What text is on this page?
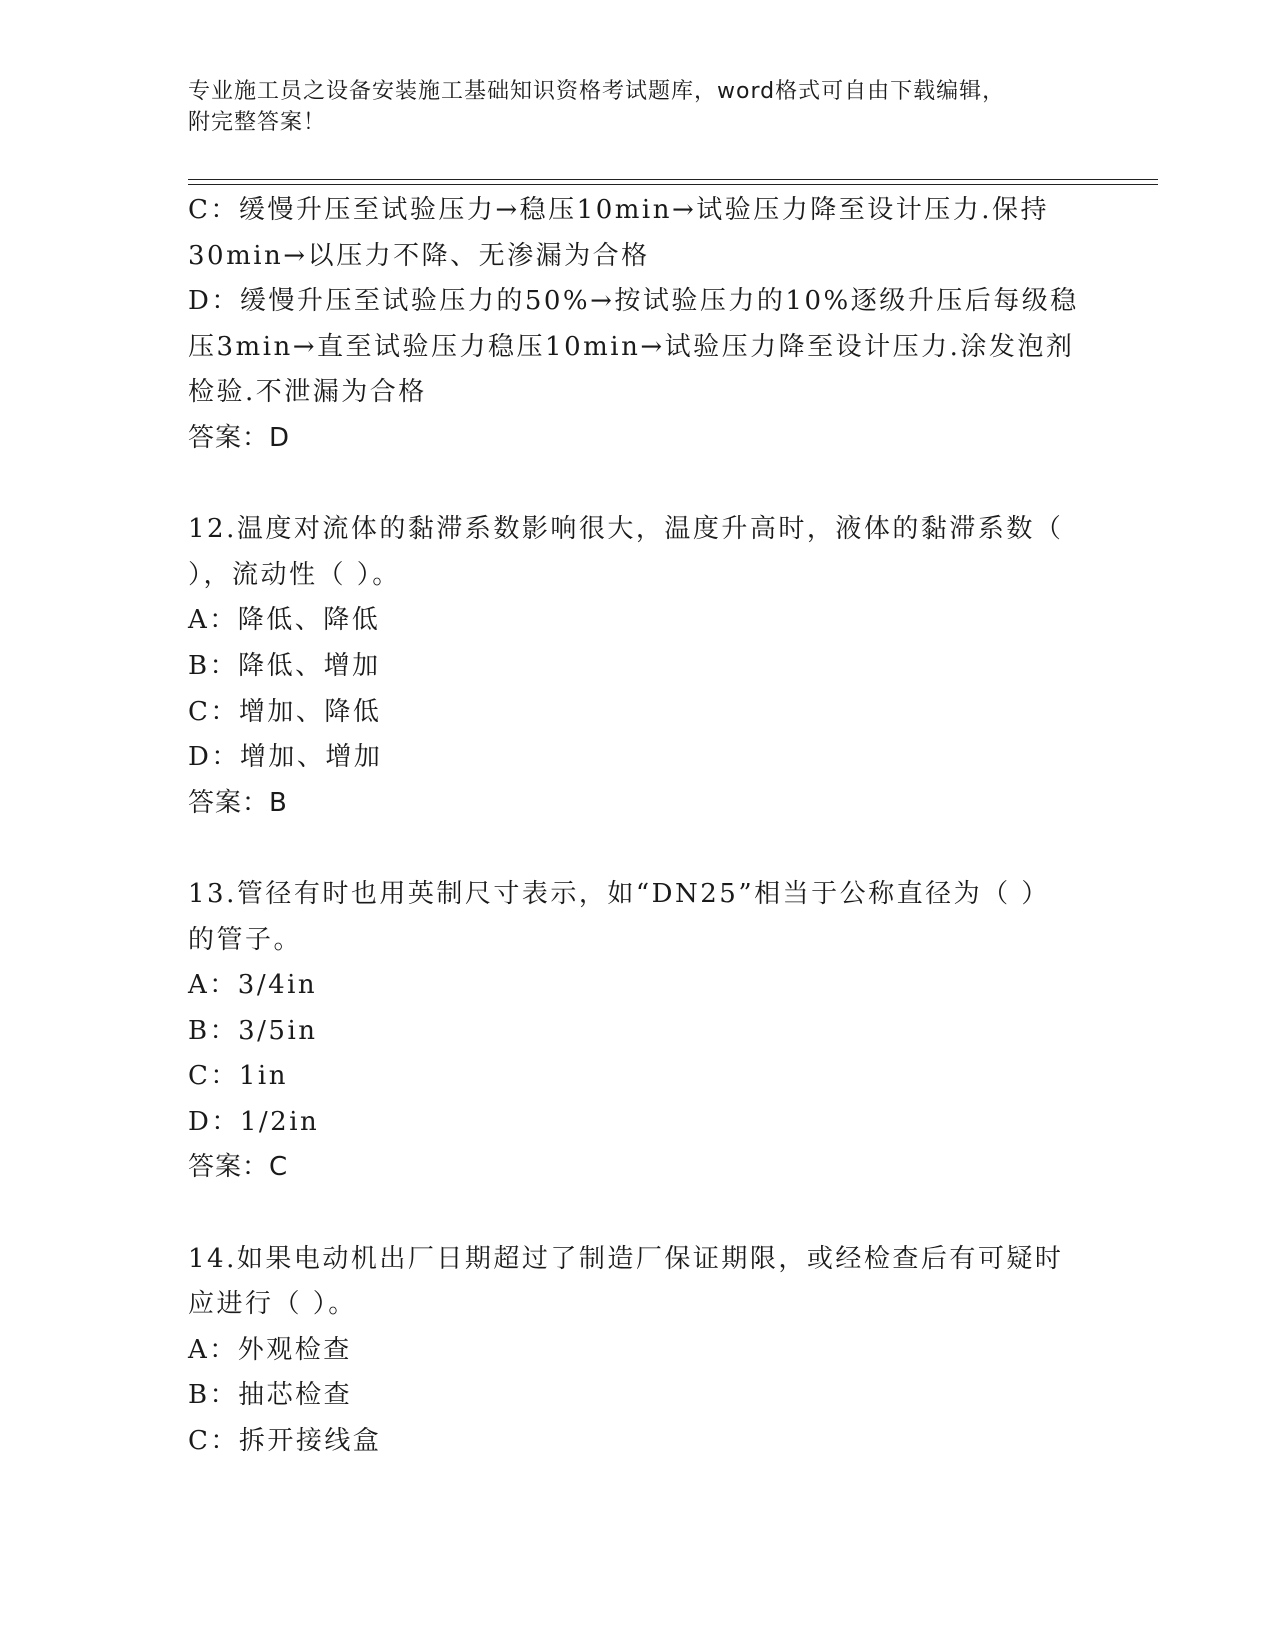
专业施工员之设备安装施工基础知识资格考试题库，word格式可自由下载编辑，
附完整答案！

C：缓慢升压至试验压力→稳压10min→试验压力降至设计压力.保持

30min→以压力不降、无渗漏为合格

D：缓慢升压至试验压力的50%→按试验压力的10%逐级升压后每级稳

压3min→直至试验压力稳压10min→试验压力降至设计压力.涂发泡剂

检验.不泄漏为合格

答案：D

12.温度对流体的黏滞系数影响很大，温度升高时，液体的黏滞系数（

），流动性（ ）。

A：降低、降低

B：降低、增加

C：增加、降低

D：增加、增加

答案：B

13.管径有时也用英制尺寸表示，如“DN25”相当于公称直径为（ ）

的管子。

A：3/4in

B：3/5in

C：1in

D：1/2in

答案：C

14.如果电动机出厂日期超过了制造厂保证期限，或经检查后有可疑时

应进行（ ）。

A：外观检查

B：抽芯检查

C：拆开接线盒
